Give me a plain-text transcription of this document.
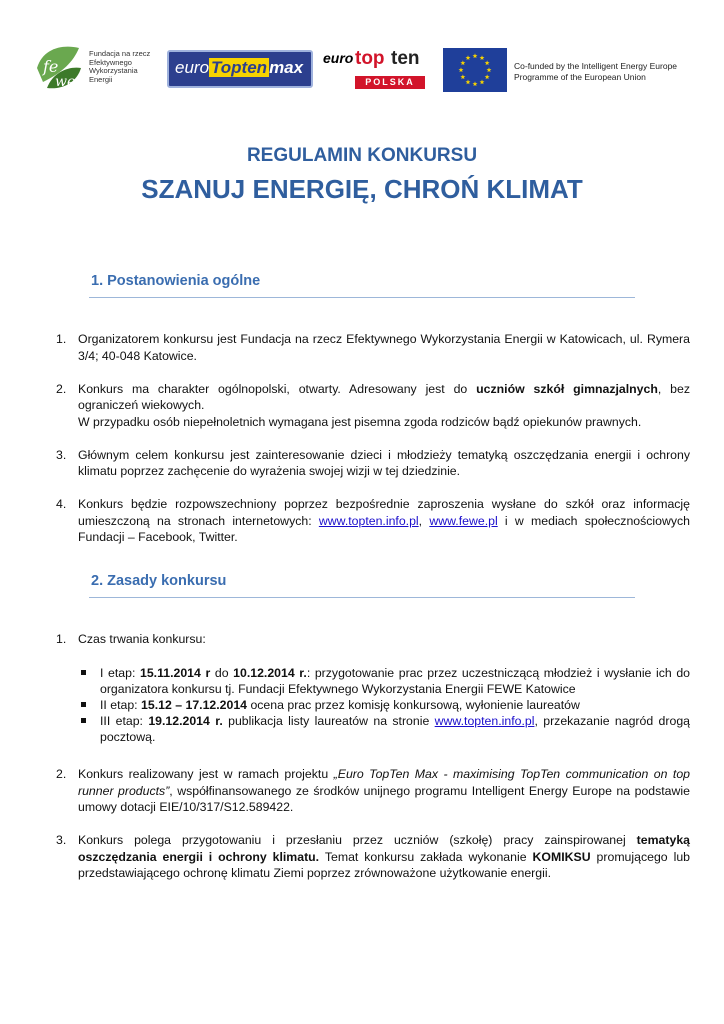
fe
we
Fundacja na rzecz
Efektywnego
Wykorzystania
Energii
euro Topten max euro top ten
POLSKA
Co-funded by the Intelligent Energy Europe
Programme of the European Union
REGULAMIN KONKURSU
SZANUJ ENERGIĘ, CHROŃ KLIMAT
1. Postanowienia ogólne
1. Organizatorem konkursu jest Fundacja na rzecz Efektywnego Wykorzystania Energii w Katowicach, ul. Rymera 3/4; 40-048 Katowice.
2. Konkurs ma charakter ogólnopolski, otwarty. Adresowany jest do uczniów szkół gimnazjalnych, bez ograniczeń wiekowych.
W przypadku osób niepełnoletnich wymagana jest pisemna zgoda rodziców bądź opiekunów prawnych.
3. Głównym celem konkursu jest zainteresowanie dzieci i młodzieży tematyką oszczędzania energii i ochrony klimatu poprzez zachęcenie do wyrażenia swojej wizji w tej dziedzinie.
4. Konkurs będzie rozpowszechniony poprzez bezpośrednie zaproszenia wysłane do szkół oraz informację umieszczoną na stronach internetowych: www.topten.info.pl, www.fewe.pl i w mediach społecznościowych Fundacji – Facebook, Twitter.
2. Zasady konkursu
1. Czas trwania konkursu:
I etap: 15.11.2014 r do 10.12.2014 r.: przygotowanie prac przez uczestniczącą młodzież i wysłanie ich do organizatora konkursu tj. Fundacji Efektywnego Wykorzystania Energii FEWE Katowice
II etap: 15.12 – 17.12.2014 ocena prac przez komisję konkursową, wyłonienie laureatów
III etap: 19.12.2014 r. publikacja listy laureatów na stronie www.topten.info.pl, przekazanie nagród drogą pocztową.
2. Konkurs realizowany jest w ramach projektu „Euro TopTen Max - maximising TopTen communication on top runner products”, współfinansowanego ze środków unijnego programu Intelligent Energy Europe na podstawie umowy dotacji EIE/10/317/S12.589422.
3. Konkurs polega przygotowaniu i przesłaniu przez uczniów (szkołę) pracy zainspirowanej tematyką oszczędzania energii i ochrony klimatu. Temat konkursu zakłada wykonanie KOMIKSU promującego lub przedstawiającego ochronę klimatu Ziemi poprzez zrównoważone użytkowanie energii.
